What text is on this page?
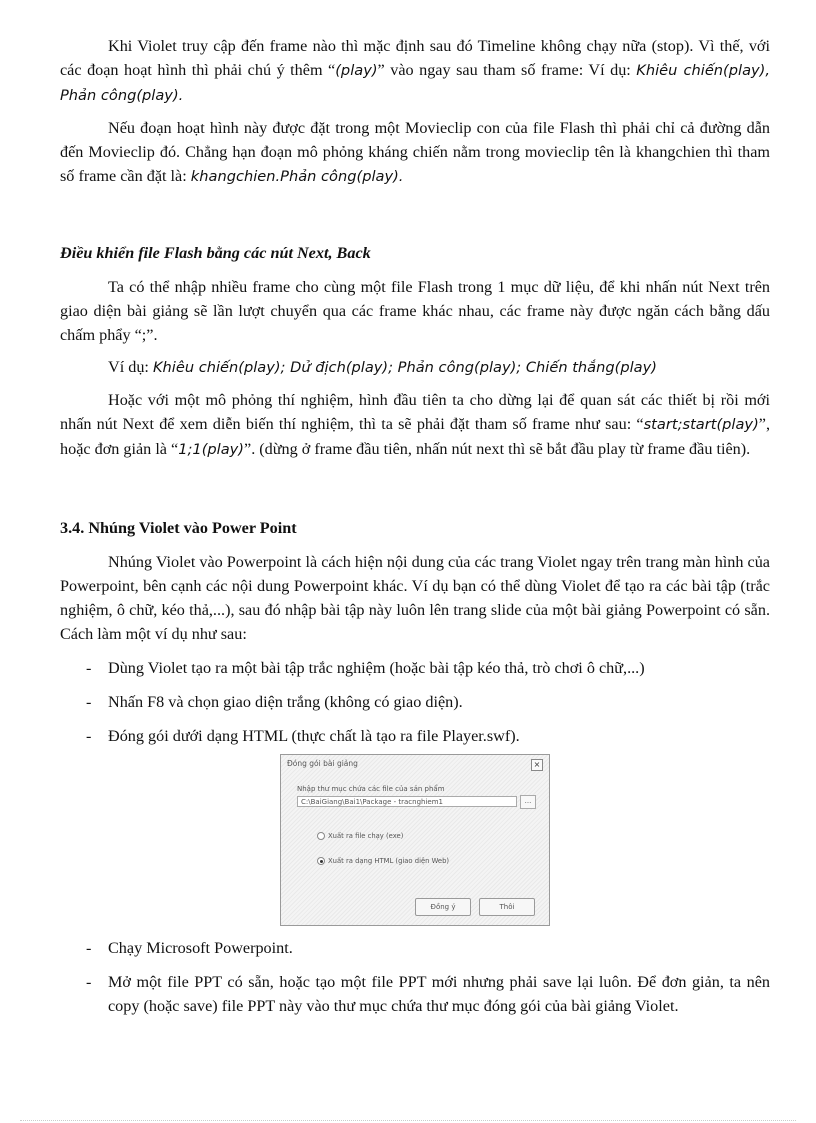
Khi Violet truy cập đến frame nào thì mặc định sau đó Timeline không chạy nữa (stop). Vì thế, với các đoạn hoạt hình thì phải chú ý thêm “(play)” vào ngay sau tham số frame: Ví dụ: Khiêu chiến(play), Phản công(play).

Nếu đoạn hoạt hình này được đặt trong một Movieclip con của file Flash thì phải chỉ cả đường dẫn đến Movieclip đó. Chẳng hạn đoạn mô phỏng kháng chiến nằm trong movieclip tên là khangchien thì tham số frame cần đặt là: khangchien.Phản công(play).

Điều khiển file Flash bằng các nút Next, Back

Ta có thể nhập nhiều frame cho cùng một file Flash trong 1 mục dữ liệu, để khi nhấn nút Next trên giao diện bài giảng sẽ lần lượt chuyển qua các frame khác nhau, các frame này được ngăn cách bằng dấu chấm phẩy “;”.

Ví dụ: Khiêu chiến(play); Dử địch(play); Phản công(play); Chiến thắng(play)

Hoặc với một mô phỏng thí nghiệm, hình đầu tiên ta cho dừng lại để quan sát các thiết bị rồi mới nhấn nút Next để xem diễn biến thí nghiệm, thì ta sẽ phải đặt tham số frame như sau: “start;start(play)”, hoặc đơn giản là “1;1(play)”. (dừng ở frame đầu tiên, nhấn nút next thì sẽ bắt đầu play từ frame đầu tiên).

3.4. Nhúng Violet vào Power Point

Nhúng Violet vào Powerpoint là cách hiện nội dung của các trang Violet ngay trên trang màn hình của Powerpoint, bên cạnh các nội dung Powerpoint khác. Ví dụ bạn có thể dùng Violet để tạo ra các bài tập (trắc nghiệm, ô chữ, kéo thả,...), sau đó nhập bài tập này luôn lên trang slide của một bài giảng Powerpoint có sẵn. Cách làm một ví dụ như sau:

- Dùng Violet tạo ra một bài tập trắc nghiệm (hoặc bài tập kéo thả, trò chơi ô chữ,...)
- Nhấn F8 và chọn giao diện trắng (không có giao diện).
- Đóng gói dưới dạng HTML (thực chất là tạo ra file Player.swf).
Đóng gói bài giảng	×
Nhập thư mục chứa các file của sản phẩm
C:\BaiGiang\Bai1\Package - tracnghiem1	...
Xuất ra file chạy (exe)
Xuất ra dạng HTML (giao diện Web)
Đồng ý	Thôi
- Chạy Microsoft Powerpoint.
- Mở một file PPT có sẵn, hoặc tạo một file PPT mới nhưng phải save lại luôn. Để đơn giản, ta nên copy (hoặc save) file PPT này vào thư mục chứa thư mục đóng gói của bài giảng Violet.
